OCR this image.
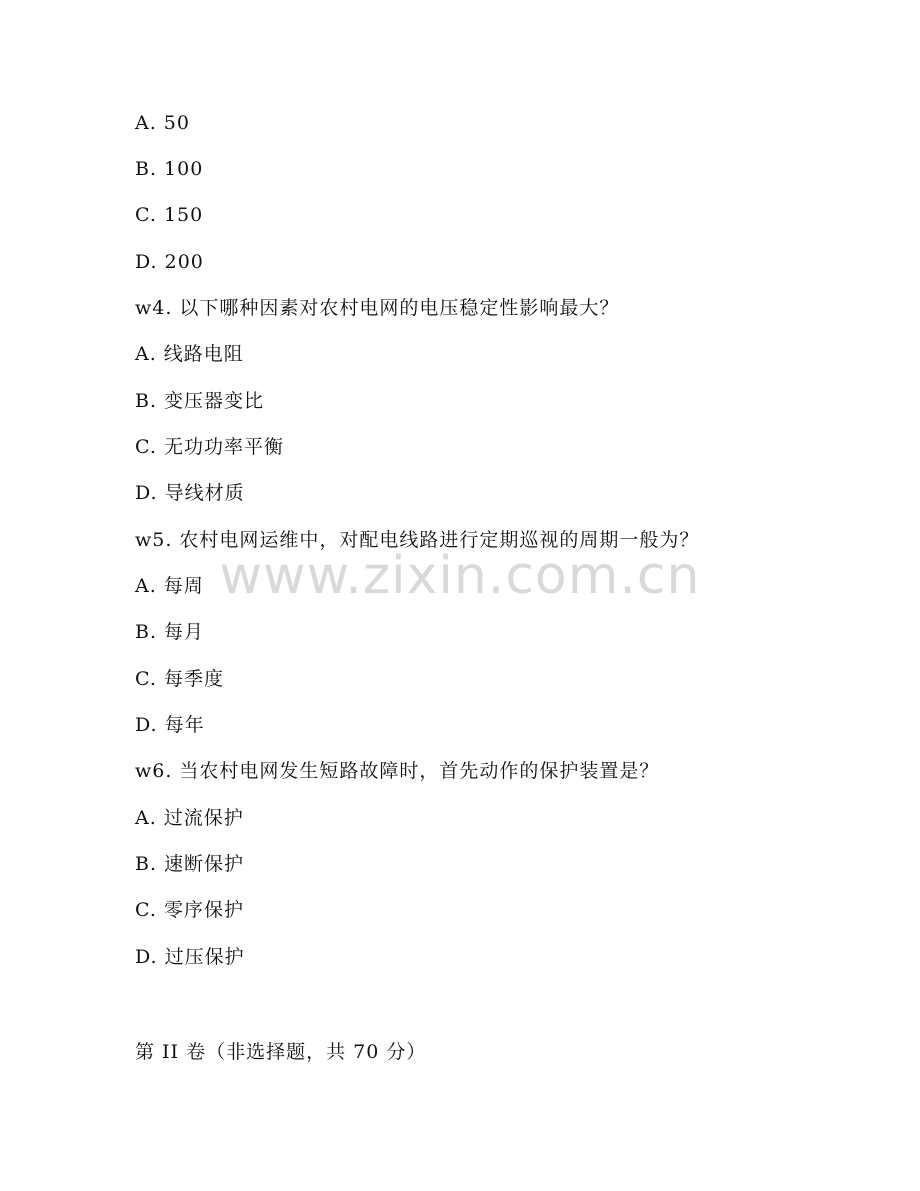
www.zixin.com.cn
A. 50
B. 100
C. 150
D. 200
w4. 以下哪种因素对农村电网的电压稳定性影响最大？
A. 线路电阻
B. 变压器变比
C. 无功功率平衡
D. 导线材质
w5. 农村电网运维中，对配电线路进行定期巡视的周期一般为？
A. 每周
B. 每月
C. 每季度
D. 每年
w6. 当农村电网发生短路故障时，首先动作的保护装置是？
A. 过流保护
B. 速断保护
C. 零序保护
D. 过压保护
第 II 卷（非选择题，共 70 分）
